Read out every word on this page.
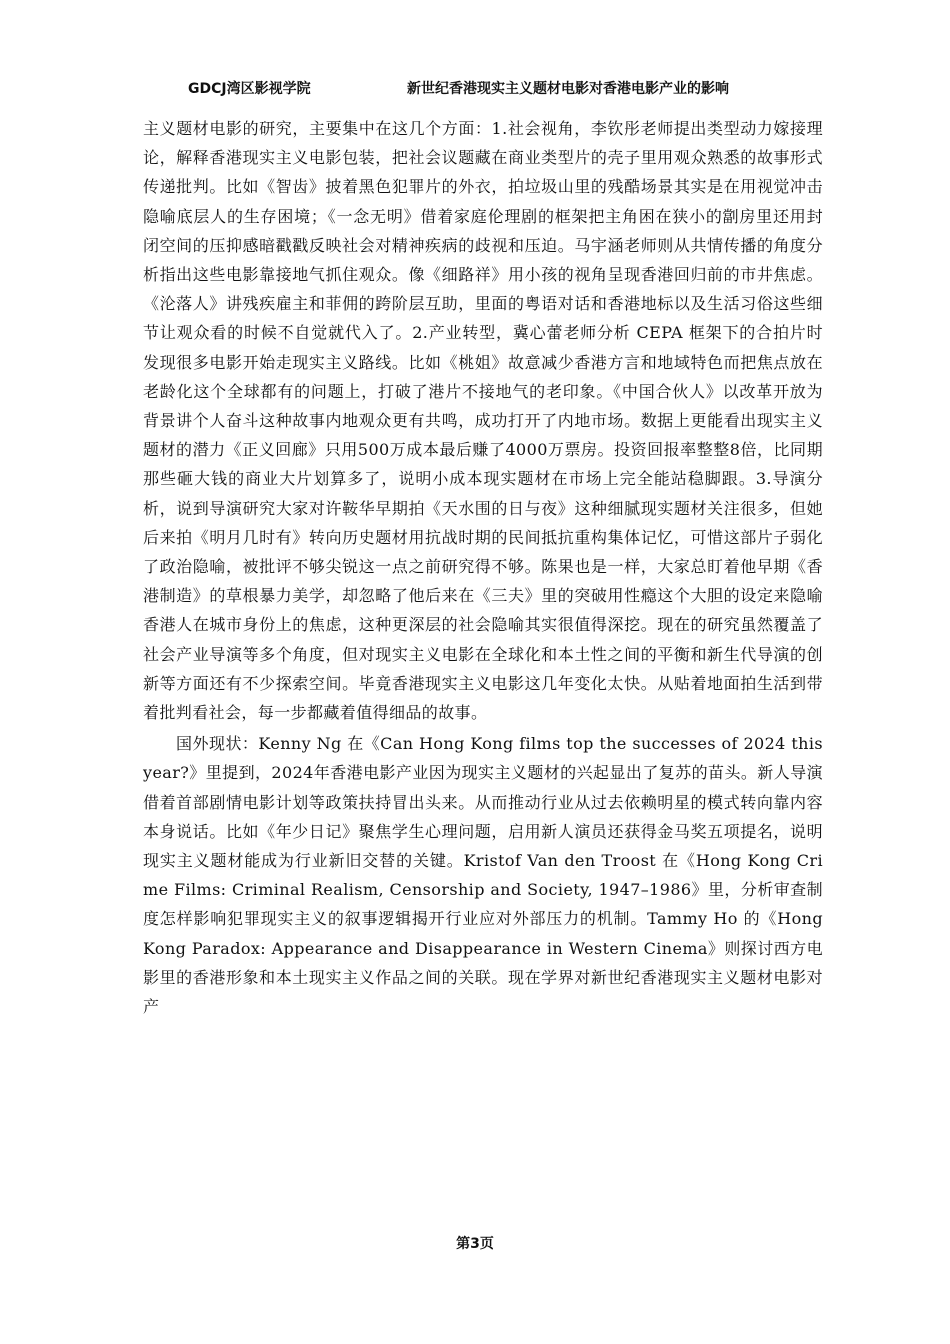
GDCJ湾区影视学院	新世纪香港现实主义题材电影对香港电影产业的影响

主义题材电影的研究，主要集中在这几个方面：1.社会视角，李钦彤老师提出类型动力嫁接理论，解释香港现实主义电影包装，把社会议题藏在商业类型片的壳子里用观众熟悉的故事形式传递批判。比如《智齿》披着黑色犯罪片的外衣，拍垃圾山里的残酷场景其实是在用视觉冲击隐喻底层人的生存困境；《一念无明》借着家庭伦理剧的框架把主角困在狭小的劏房里还用封闭空间的压抑感暗戳戳反映社会对精神疾病的歧视和压迫。马宇涵老师则从共情传播的角度分析指出这些电影靠接地气抓住观众。像《细路祥》用小孩的视角呈现香港回归前的市井焦虑。《沦落人》讲残疾雇主和菲佣的跨阶层互助，里面的粤语对话和香港地标以及生活习俗这些细节让观众看的时候不自觉就代入了。2.产业转型，冀心蕾老师分析 CEPA 框架下的合拍片时发现很多电影开始走现实主义路线。比如《桃姐》故意减少香港方言和地域特色而把焦点放在老龄化这个全球都有的问题上，打破了港片不接地气的老印象。《中国合伙人》以改革开放为背景讲个人奋斗这种故事内地观众更有共鸣，成功打开了内地市场。数据上更能看出现实主义题材的潜力《正义回廊》只用500万成本最后赚了4000万票房。投资回报率整整8倍，比同期那些砸大钱的商业大片划算多了，说明小成本现实题材在市场上完全能站稳脚跟。3.导演分析，说到导演研究大家对许鞍华早期拍《天水围的日与夜》这种细腻现实题材关注很多，但她后来拍《明月几时有》转向历史题材用抗战时期的民间抵抗重构集体记忆，可惜这部片子弱化了政治隐喻，被批评不够尖锐这一点之前研究得不够。陈果也是一样，大家总盯着他早期《香港制造》的草根暴力美学，却忽略了他后来在《三夫》里的突破用性瘾这个大胆的设定来隐喻香港人在城市身份上的焦虑，这种更深层的社会隐喻其实很值得深挖。现在的研究虽然覆盖了社会产业导演等多个角度，但对现实主义电影在全球化和本土性之间的平衡和新生代导演的创新等方面还有不少探索空间。毕竟香港现实主义电影这几年变化太快。从贴着地面拍生活到带着批判看社会，每一步都藏着值得细品的故事。

国外现状：Kenny Ng 在《Can Hong Kong films top the successes of 2024 this year?》里提到，2024年香港电影产业因为现实主义题材的兴起显出了复苏的苗头。新人导演借着首部剧情电影计划等政策扶持冒出头来。从而推动行业从过去依赖明星的模式转向靠内容本身说话。比如《年少日记》聚焦学生心理问题，启用新人演员还获得金马奖五项提名，说明现实主义题材能成为行业新旧交替的关键。Kristof Van den Troost 在《Hong Kong Crime Films: Criminal Realism, Censorship and Society, 1947–1986》里，分析审查制度怎样影响犯罪现实主义的叙事逻辑揭开行业应对外部压力的机制。Tammy Ho 的《Hong Kong Paradox: Appearance and Disappearance in Western Cinema》则探讨西方电影里的香港形象和本土现实主义作品之间的关联。现在学界对新世纪香港现实主义题材电影对产

第3页
